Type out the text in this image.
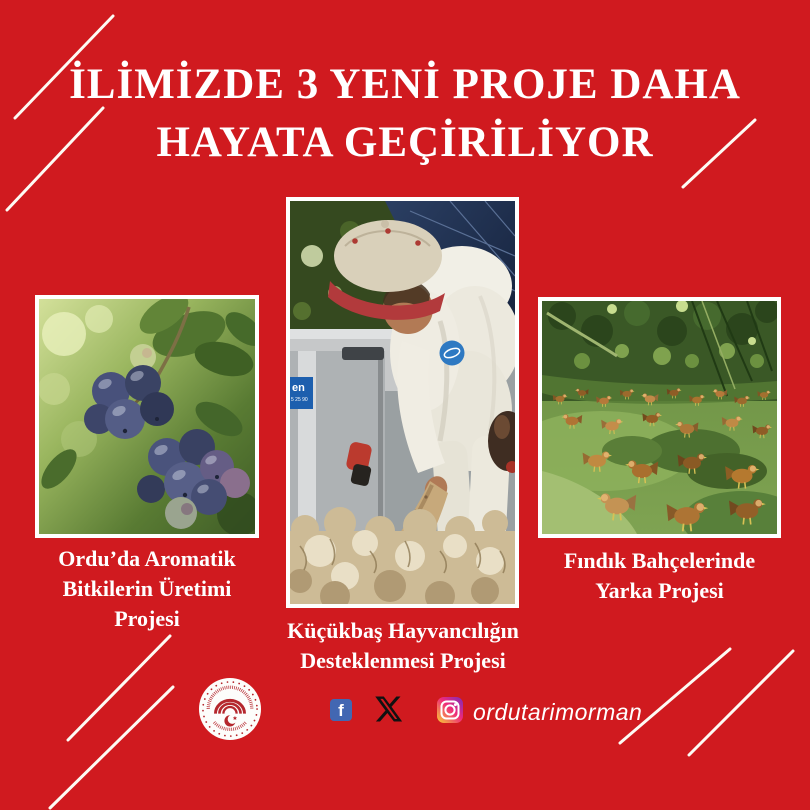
İLİMİZDE 3 YENİ PROJE DAHA
HAYATA GEÇİRİLİYOR
en
5 25 90
Ordu’da Aromatik
Bitkilerin Üretimi
Projesi	Küçükbaş Hayvancılığın
Desteklenmesi Projesi
Fındık Bahçelerinde
Yarka Projesi
f	ordutarimorman
